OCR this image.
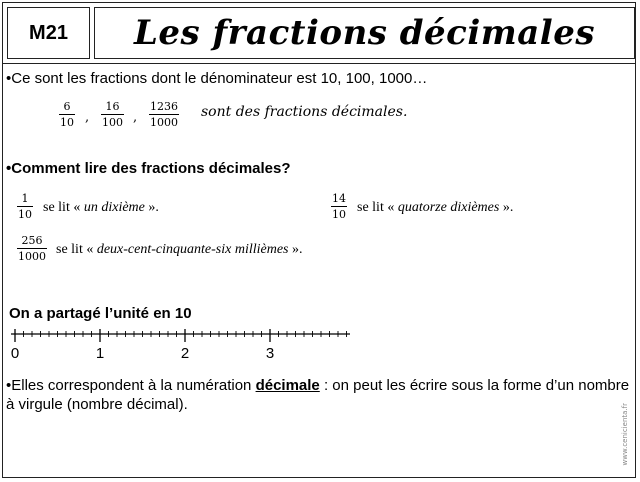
M21	Les fractions décimales
•Ce sont les fractions dont le dénominateur est 10, 100, 1000…
$\frac{6}{10}$ , $\frac{16}{100}$ , $\frac{1236}{1000}$ sont des fractions décimales.
•Comment lire des fractions décimales?
$\frac{1}{10}$ se lit « un dixième ».	$\frac{14}{10}$ se lit « quatorze dixièmes ».
$\frac{256}{1000}$ se lit « deux-cent-cinquante-six millièmes ».
On a partagé l’unité en 10
0	1	2	3
•Elles correspondent à la numération décimale : on peut les écrire sous la forme d’un nombre à virgule (nombre décimal).	www.cenicienta.fr
